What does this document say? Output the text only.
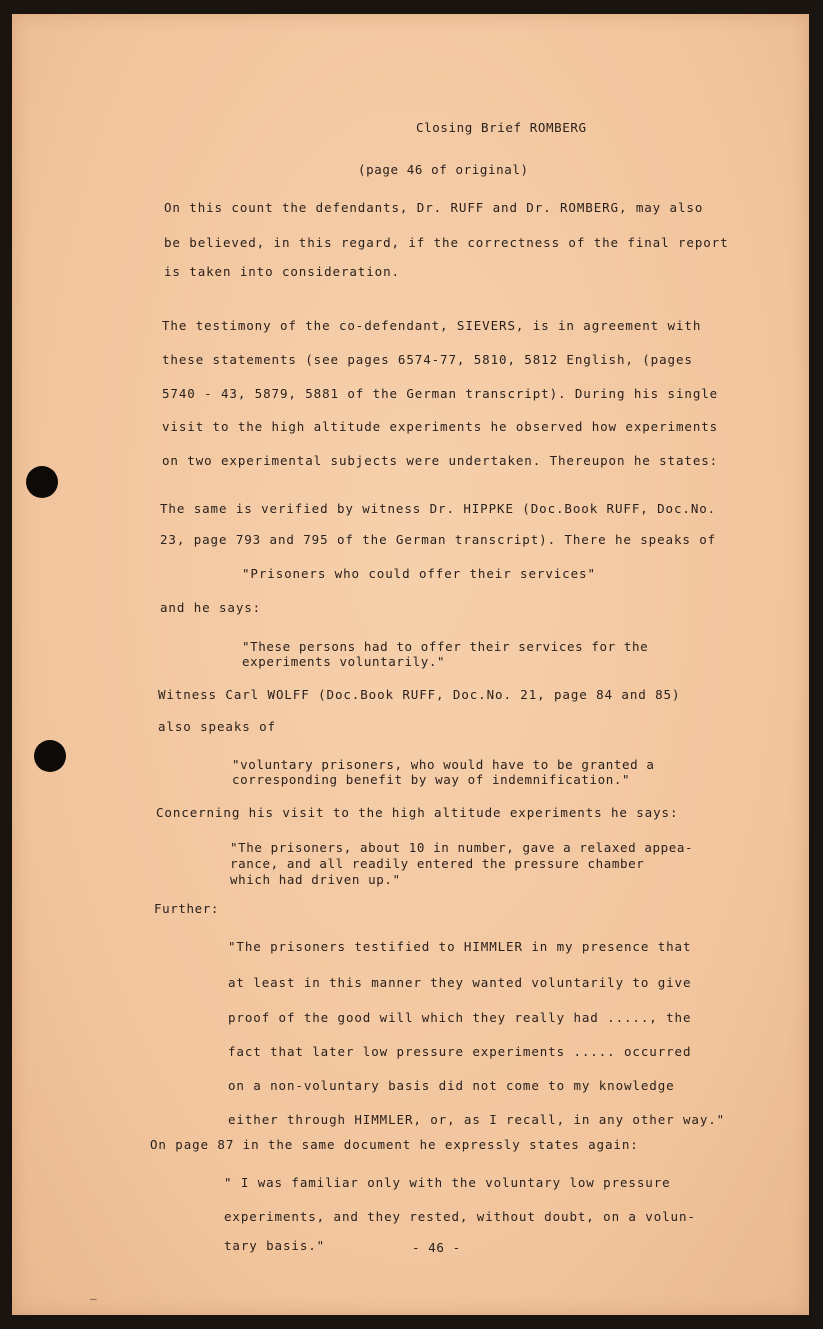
Closing Brief ROMBERG
(page 46 of original)
On this count the defendants, Dr. RUFF and Dr. ROMBERG, may also
be believed, in this regard, if the correctness of the final report
is taken into consideration.
The testimony of the co-defendant, SIEVERS, is in agreement with
these statements (see pages 6574-77, 5810, 5812 English, (pages
5740 - 43, 5879, 5881 of the German transcript). During his single
visit to the high altitude experiments he observed how experiments
on two experimental subjects were undertaken. Thereupon he states:
The same is verified by witness Dr. HIPPKE (Doc.Book RUFF, Doc.No.
23, page 793 and 795 of the German transcript). There he speaks of
"Prisoners who could offer their services"
and he says:
"These persons had to offer their services for the
experiments voluntarily."
Witness Carl WOLFF (Doc.Book RUFF, Doc.No. 21, page 84 and 85)
also speaks of
"voluntary prisoners, who would have to be granted a
corresponding benefit by way of indemnification."
Concerning his visit to the high altitude experiments he says:
"The prisoners, about 10 in number, gave a relaxed appea-
rance, and all readily entered the pressure chamber
which had driven up."
Further:
"The prisoners testified to HIMMLER in my presence that
at least in this manner they wanted voluntarily to give
proof of the good will which they really had ....., the
fact that later low pressure experiments ..... occurred
on a non-voluntary basis did not come to my knowledge
either through HIMMLER, or, as I recall, in any other way."
On page 87 in the same document he expressly states again:
" I was familiar only with the voluntary low pressure
experiments, and they rested, without doubt, on a volun-
tary basis."	- 46 -
—
